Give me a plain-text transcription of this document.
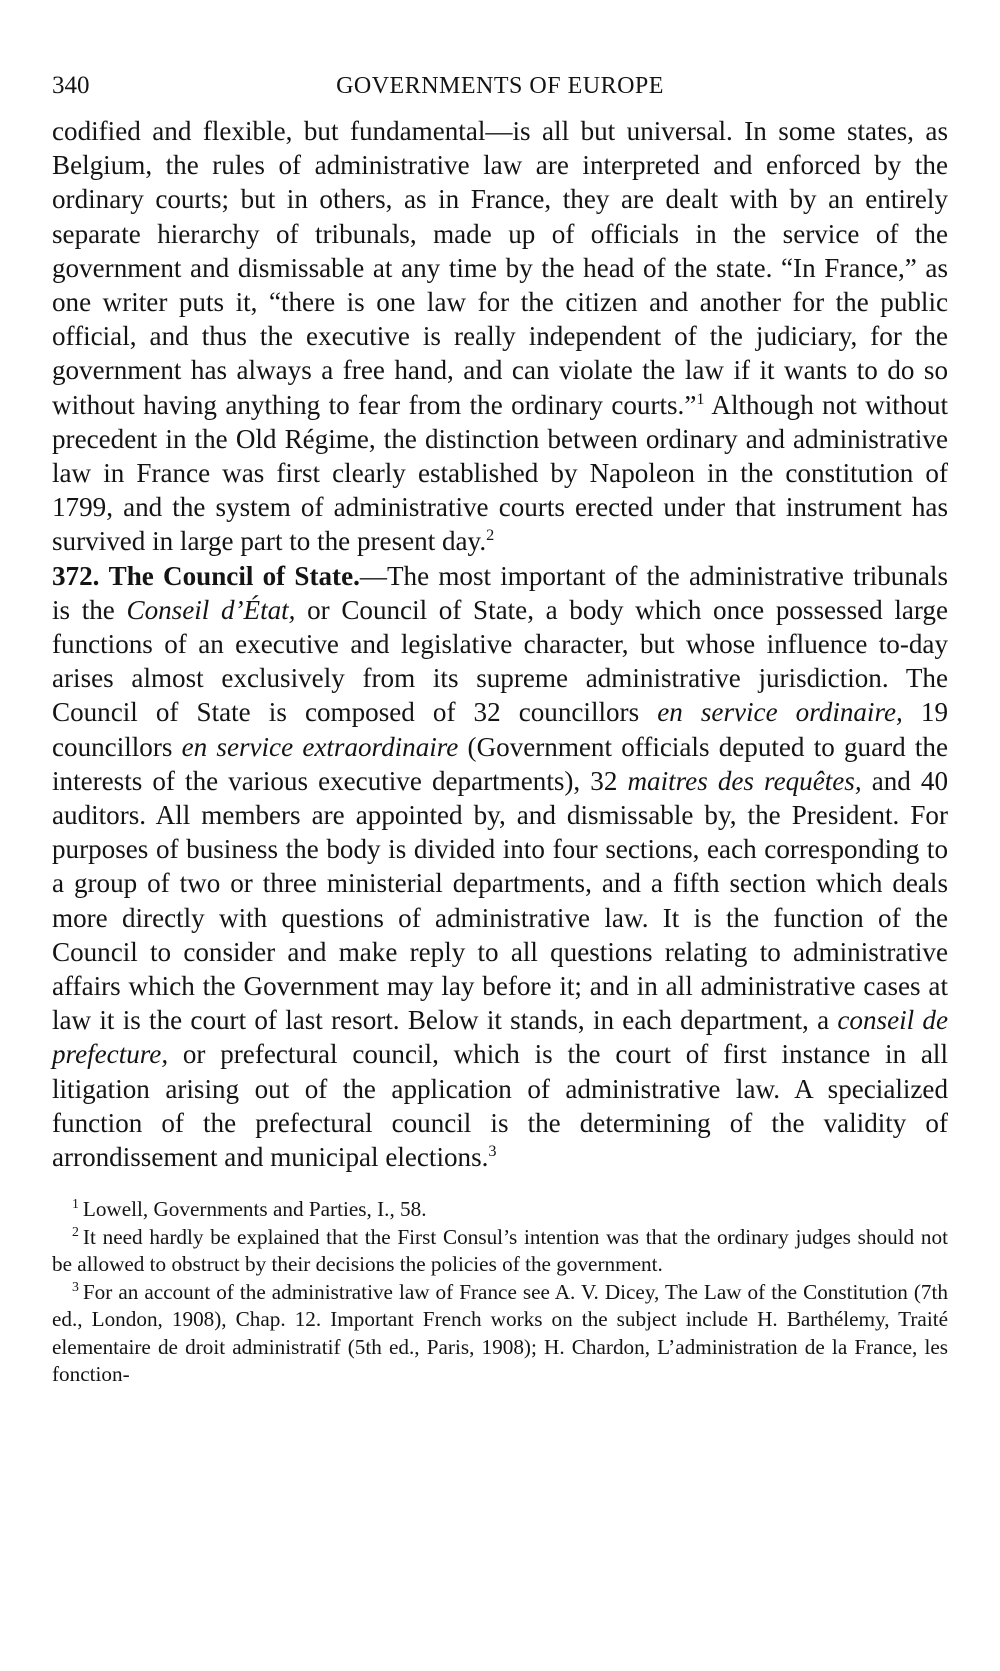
340	GOVERNMENTS OF EUROPE

codified and flexible, but fundamental—is all but universal. In some states, as Belgium, the rules of administrative law are interpreted and enforced by the ordinary courts; but in others, as in France, they are dealt with by an entirely separate hierarchy of tribunals, made up of officials in the service of the government and dismissable at any time by the head of the state. “In France,” as one writer puts it, “there is one law for the citizen and another for the public official, and thus the executive is really independent of the judiciary, for the government has always a free hand, and can violate the law if it wants to do so without having anything to fear from the ordinary courts.”$^1$ Although not without precedent in the Old Régime, the distinction between ordinary and administrative law in France was first clearly established by Napoleon in the constitution of 1799, and the system of administrative courts erected under that instrument has survived in large part to the present day.$^2$

372. The Council of State.—The most important of the administrative tribunals is the Conseil d’État, or Council of State, a body which once possessed large functions of an executive and legislative character, but whose influence to-day arises almost exclusively from its supreme administrative jurisdiction. The Council of State is composed of 32 councillors en service ordinaire, 19 councillors en service extraordinaire (Government officials deputed to guard the interests of the various executive departments), 32 maitres des requêtes, and 40 auditors. All members are appointed by, and dismissable by, the President. For purposes of business the body is divided into four sections, each corresponding to a group of two or three ministerial departments, and a fifth section which deals more directly with questions of administrative law. It is the function of the Council to consider and make reply to all questions relating to administrative affairs which the Government may lay before it; and in all administrative cases at law it is the court of last resort. Below it stands, in each department, a conseil de prefecture, or prefectural council, which is the court of first instance in all litigation arising out of the application of administrative law. A specialized function of the prefectural council is the determining of the validity of arrondissement and municipal elections.$^3$

$^1$ Lowell, Governments and Parties, I., 58.

$^2$ It need hardly be explained that the First Consul’s intention was that the ordinary judges should not be allowed to obstruct by their decisions the policies of the government.

$^3$ For an account of the administrative law of France see A. V. Dicey, The Law of the Constitution (7th ed., London, 1908), Chap. 12. Important French works on the subject include H. Barthélemy, Traité elementaire de droit administratif (5th ed., Paris, 1908); H. Chardon, L’administration de la France, les fonction-
